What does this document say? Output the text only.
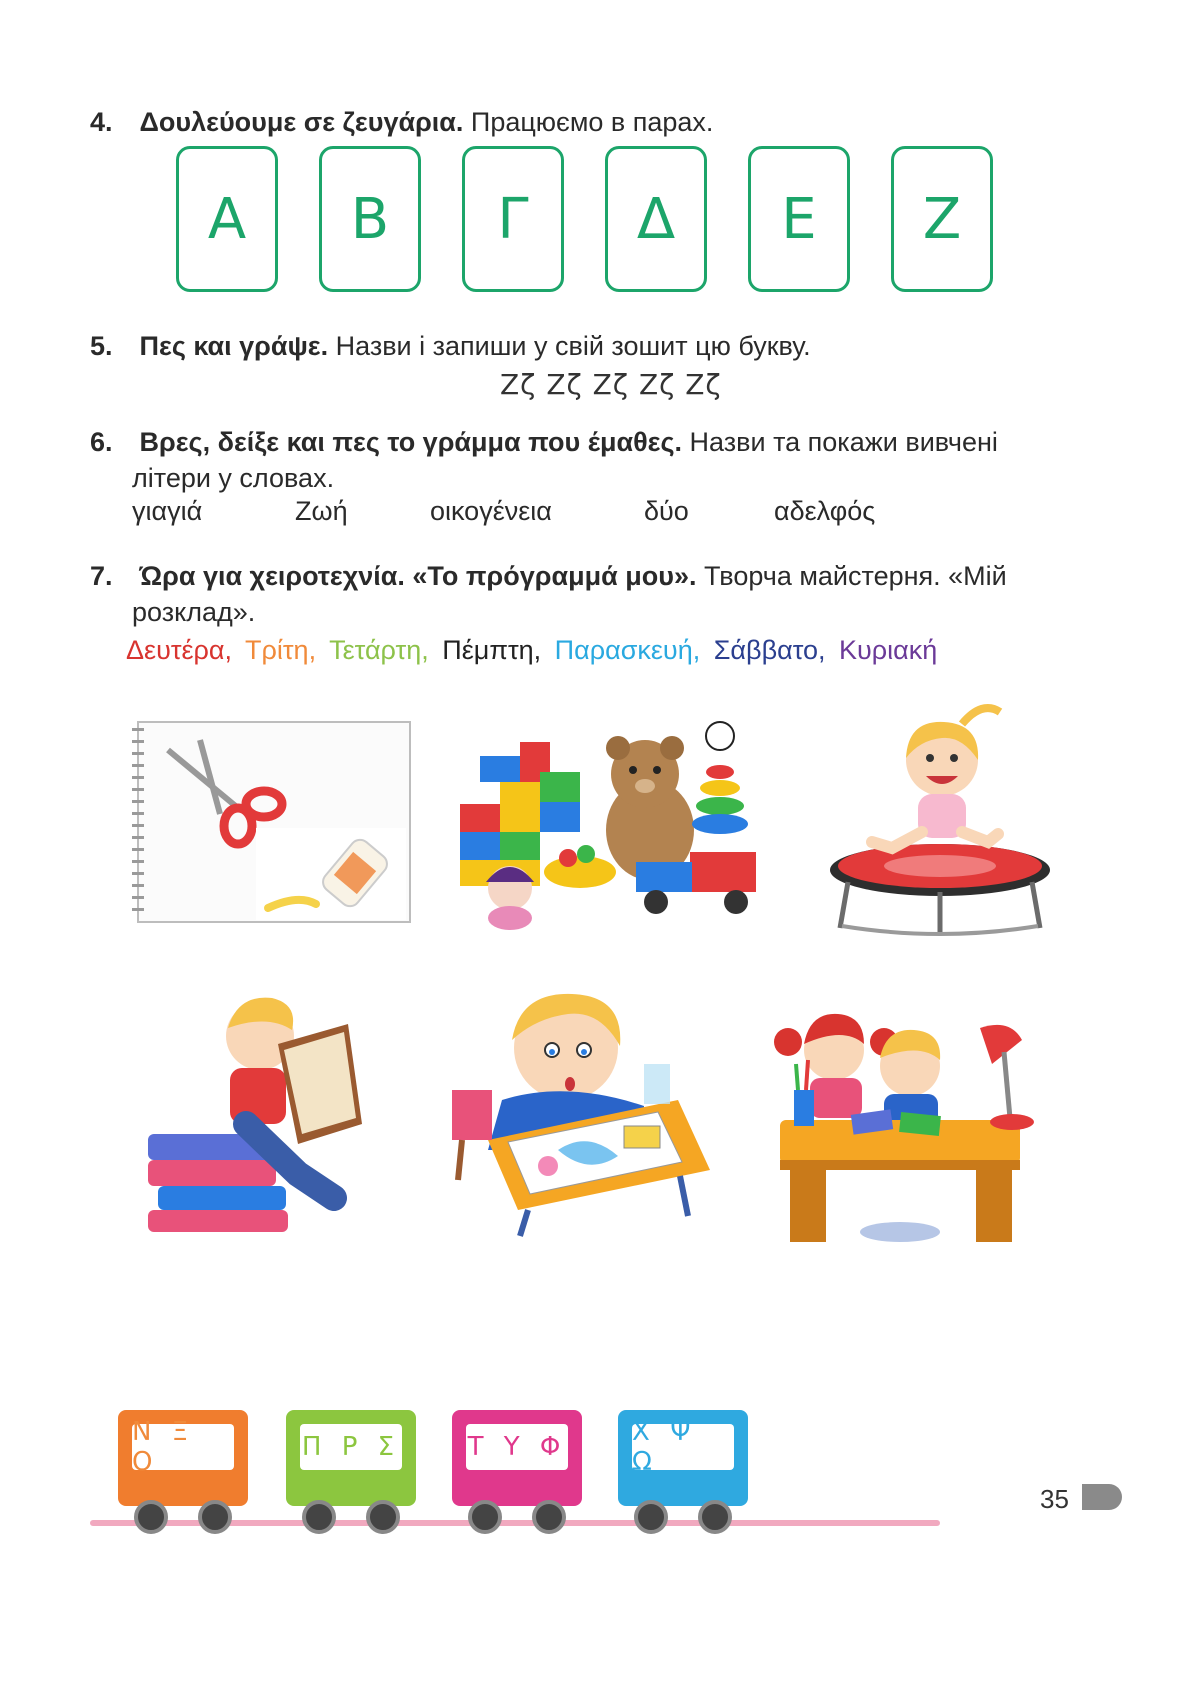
4. Δουλεύουμε σε ζευγάρια. Працюємо в парах.
Α	Β	Γ	Δ	Ε	Ζ
5. Πες και γράψε. Назви і запиши у свій зошит цю букву.
Ζζ Ζζ Ζζ Ζζ Ζζ
6. Βρες, δείξε και πες το γράμμα που έμαθες. Назви та покажи вивчені
літери у словах.
γιαγιά	Ζωή	οικογένεια	δύο	αδελφός
7. Ώρα για χειροτεχνία. «Το πρόγραμμά μου». Творча майстерня. «Мій
розклад».
Δευτέρα, Τρίτη, Τετάρτη, Πέμπτη, Παρασκευή, Σάββατο, Κυριακή
Ν Ξ Ο	Π Ρ Σ	Τ Υ Φ	Χ Ψ Ω
35
